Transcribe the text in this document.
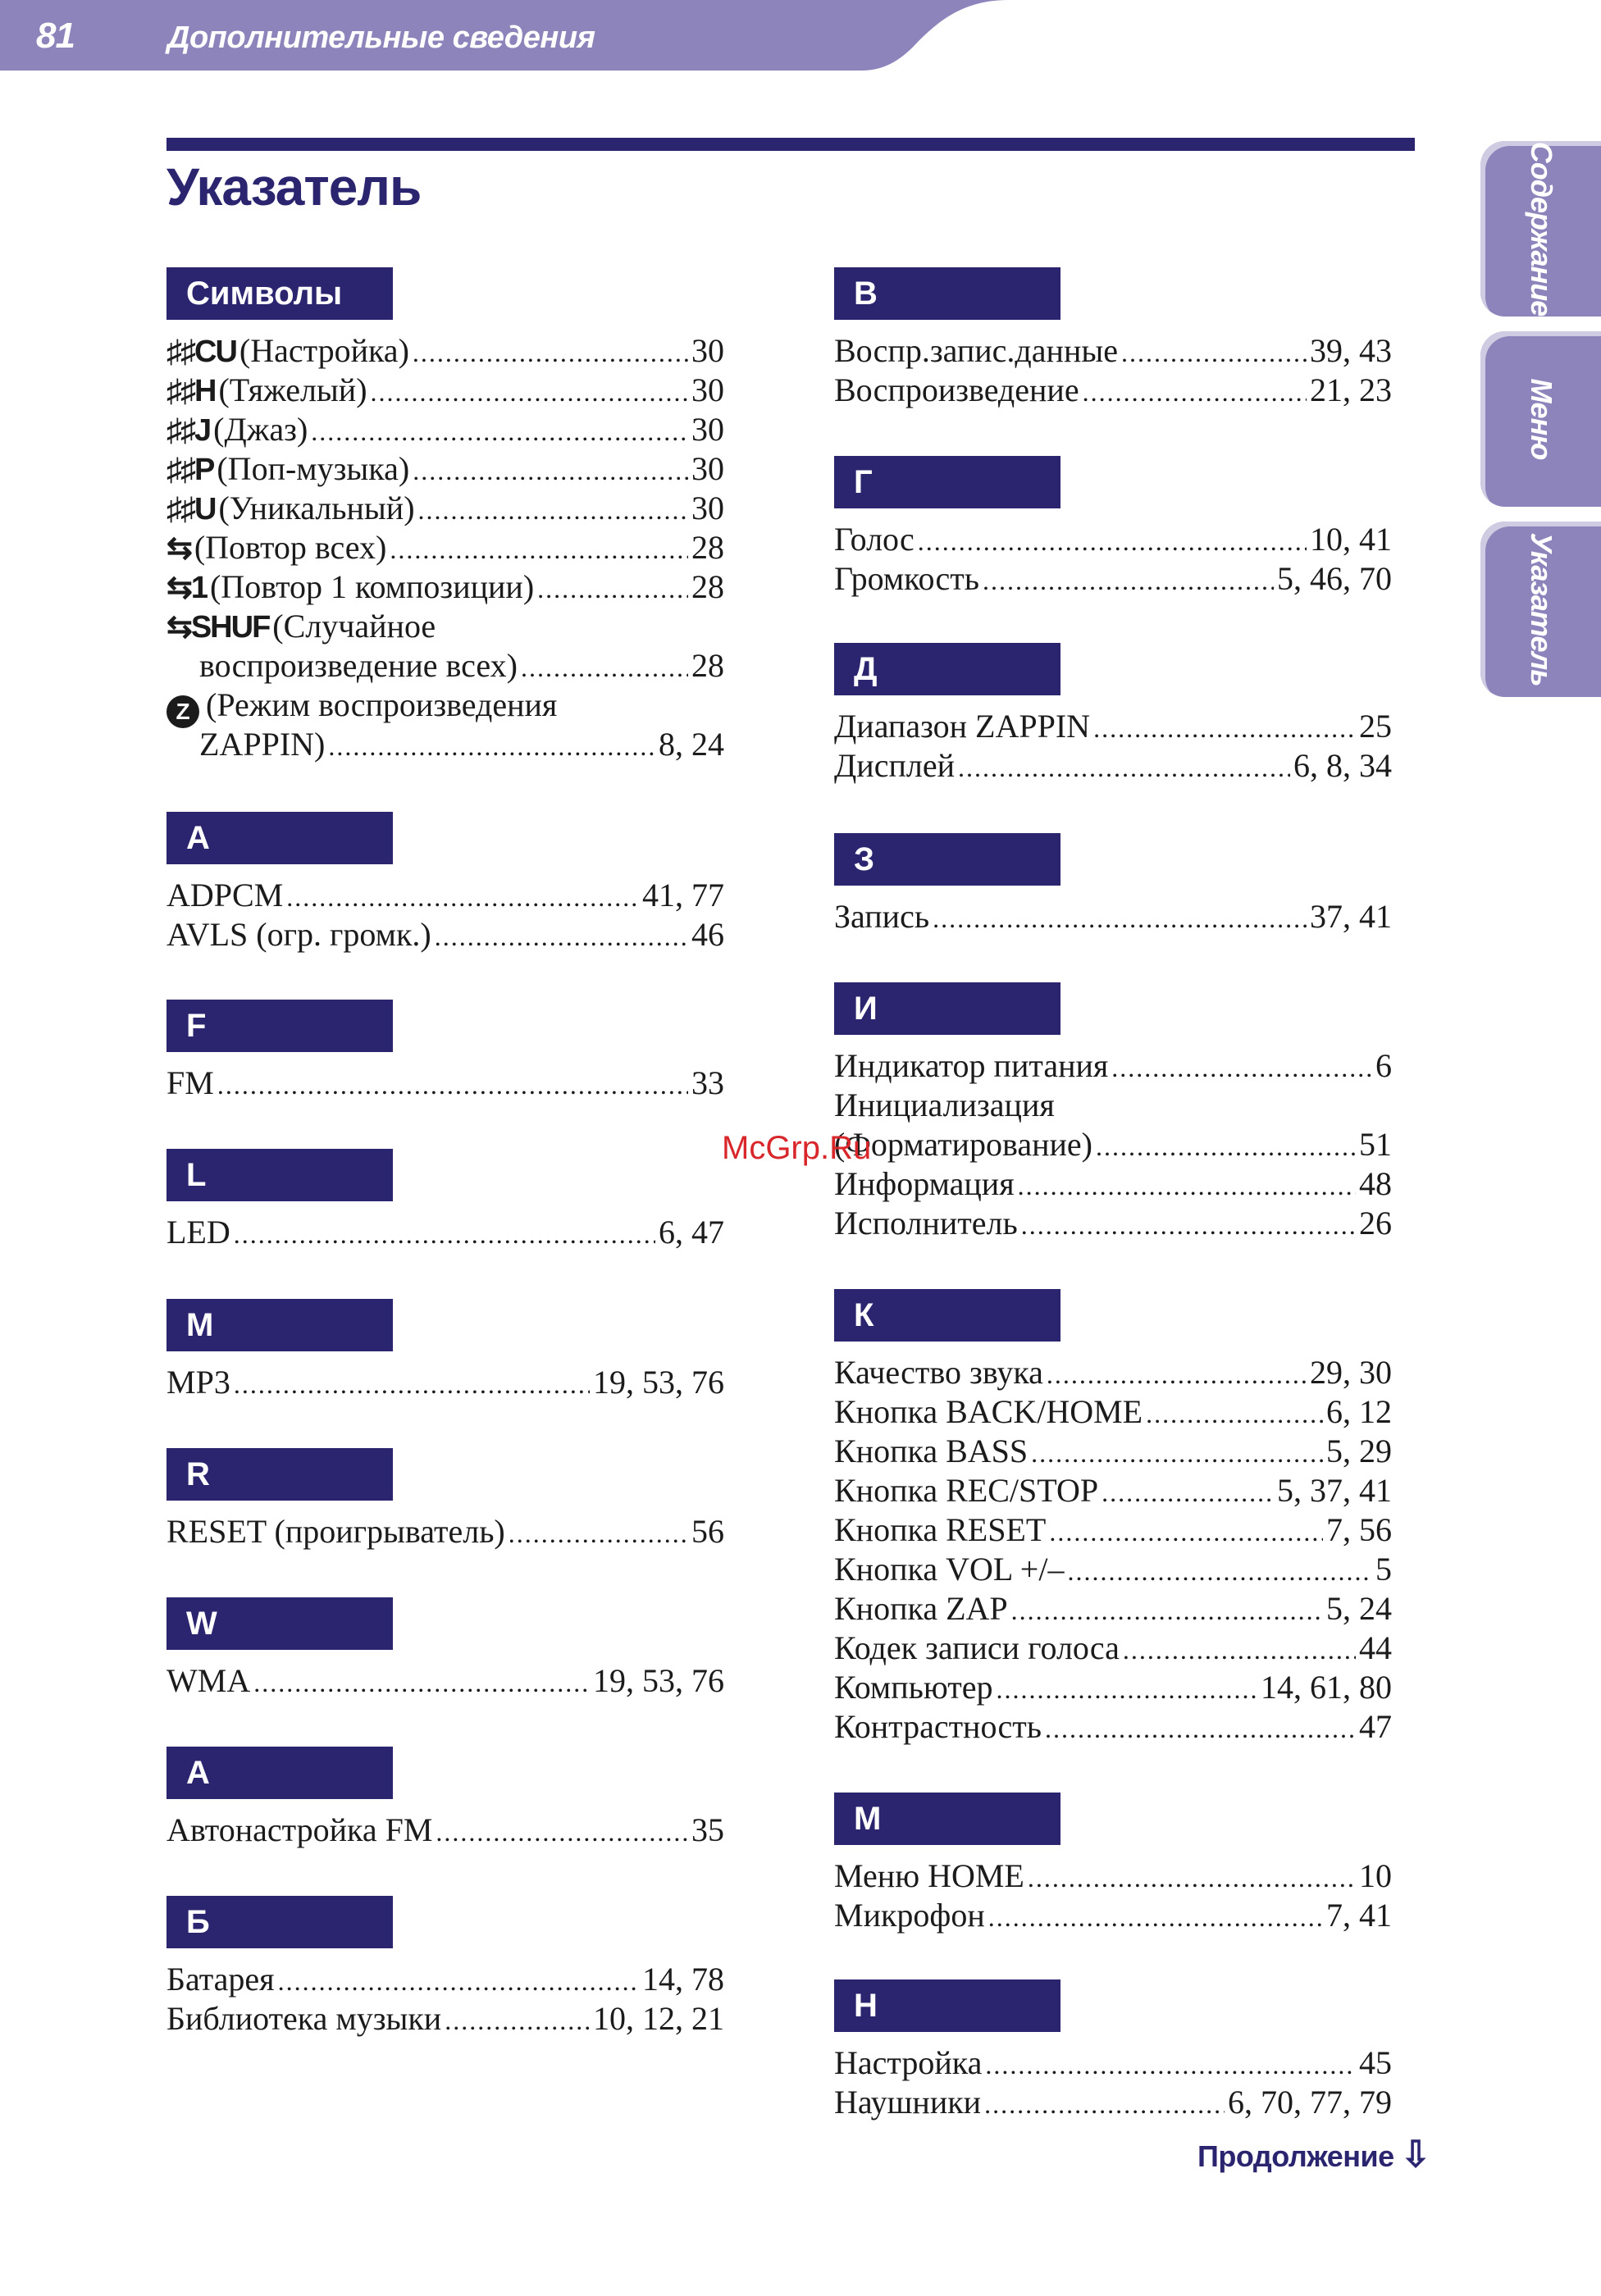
81	Дополнительные сведения
Указатель	Содержание
Меню
Указатель
Символы
♯♯CU (Настройка) .....	30
♯♯H (Тяжелый) .....	30
♯♯J (Джаз) .....	30
♯♯P (Поп-музыка) .....	30
♯♯U (Уникальный) .....	30
⇆ (Повтор всех) .....	28
⇆1 (Повтор 1 композиции) .....	28
⇆SHUF (Случайное
воспроизведение всех) .....	28
Z (Режим воспроизведения
ZAPPIN) .....	8, 24
A
ADPCM .....	41, 77
AVLS (огр. громк.) .....	46
F
FM .....	33
L
LED .....	6, 47
M
MP3 .....	19, 53, 76
R
RESET (проигрыватель) .....	56
W
WMA .....	19, 53, 76
А
Автонастройка FM .....	35
Б
Батарея .....	14, 78
Библиотека музыки .....	10, 12, 21
В
Воспр.запис.данные .....	39, 43
Воспроизведение .....	21, 23
Г
Голос .....	10, 41
Громкость .....	5, 46, 70
Д
Диапазон ZAPPIN .....	25
Дисплей .....	6, 8, 34
З
Запись .....	37, 41
И
Индикатор питания .....	6
Инициализация
(Форматирование) .....	51
Информация .....	48
Исполнитель .....	26
К
Качество звука .....	29, 30
Кнопка BACK/HOME .....	6, 12
Кнопка BASS .....	5, 29
Кнопка REC/STOP .....	5, 37, 41
Кнопка RESET .....	7, 56
Кнопка VOL +/– .....	5
Кнопка ZAP .....	5, 24
Кодек записи голоса .....	44
Компьютер .....	14, 61, 80
Контрастность .....	47
М
Меню HOME .....	10
Микрофон .....	7, 41
Н
Настройка .....	45
Наушники .....	6, 70, 77, 79
McGrp.Ru
Продолжение ⇩
